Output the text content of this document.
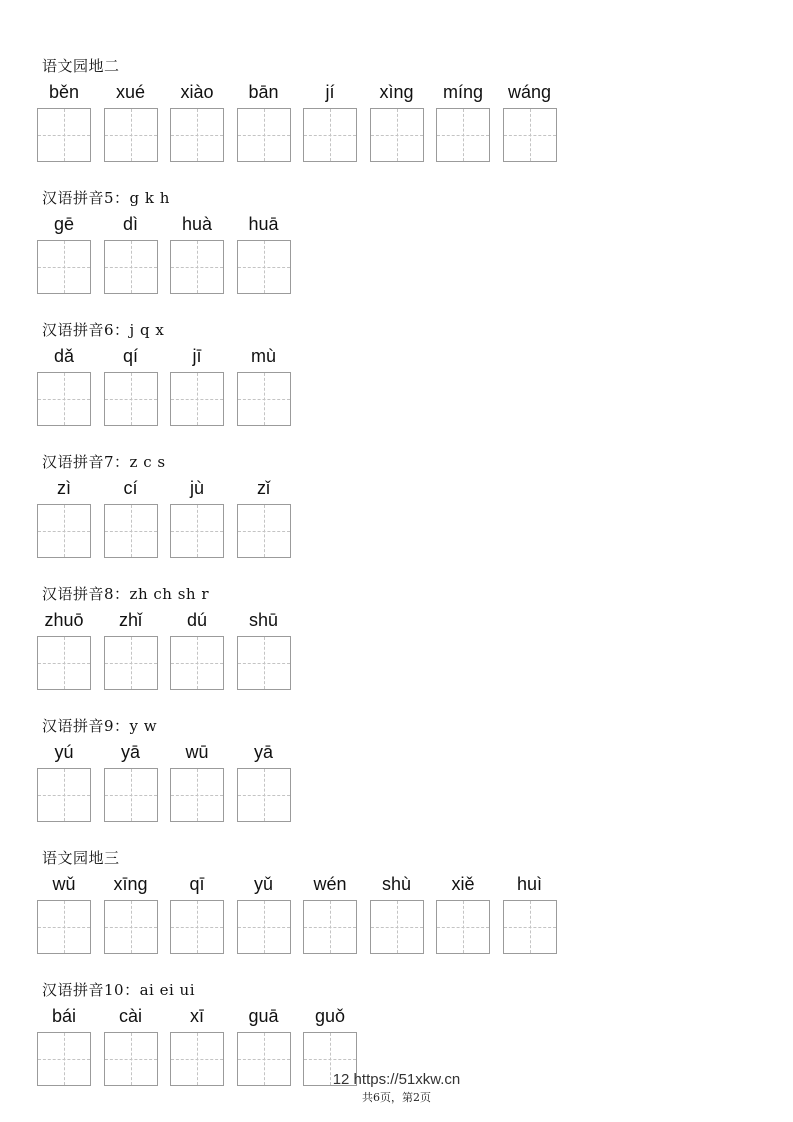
语文园地二
běn	xué	xiào	bān	jí	xìng	míng	wáng
汉语拼音5：g k h
gē	dì	huà	huā
汉语拼音6：j q x
dǎ	qí	jī	mù
汉语拼音7：z c s
zì	cí	jù	zǐ
汉语拼音8：zh ch sh r
zhuō	zhǐ	dú	shū
汉语拼音9：y w
yú	yā	wū	yā
语文园地三
wǔ	xīng	qī	yǔ	wén	shù	xiě	huì
汉语拼音10：ai ei ui
bái	cài	xī	guā	guǒ
12 https://51xkw.cn
共6页，第2页
